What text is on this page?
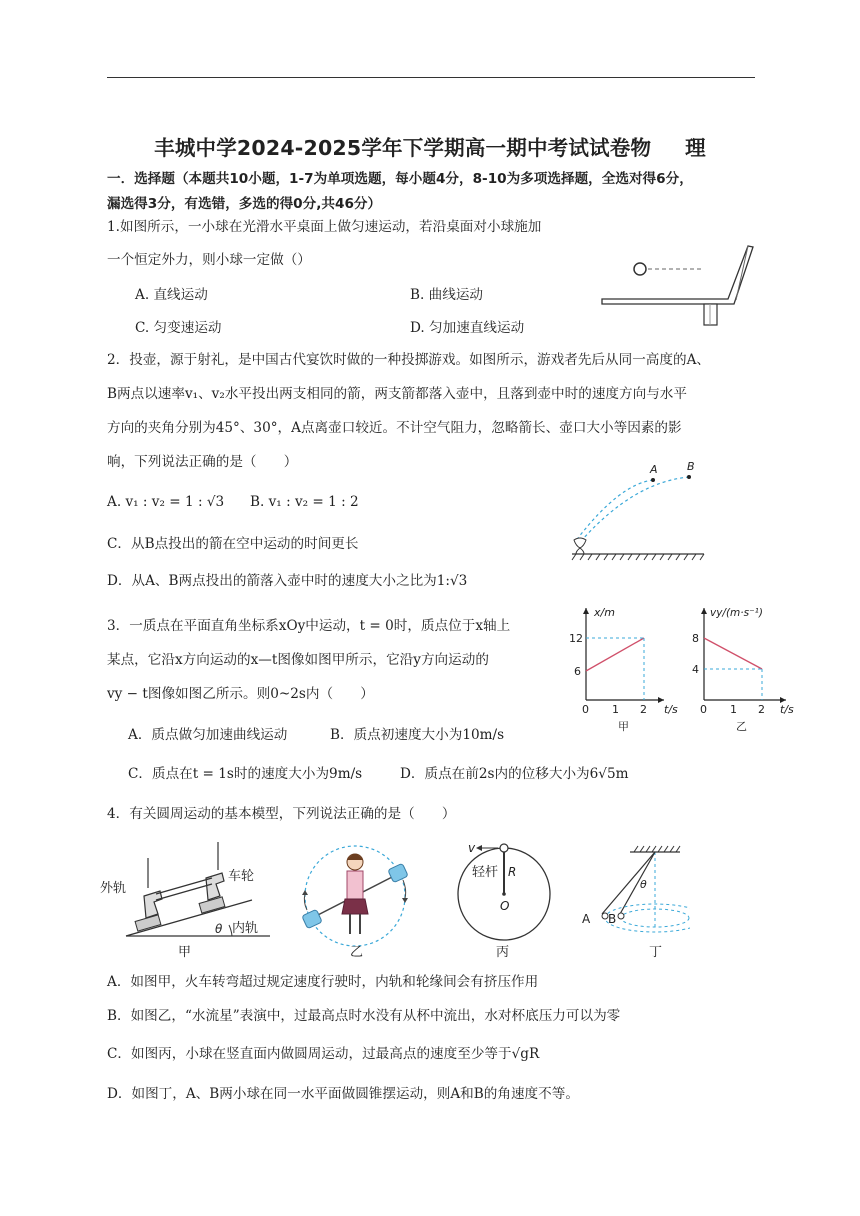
丰城中学2024-2025学年下学期高一期中考试试卷物 理
一．选择题（本题共10小题，1-7为单项选题，每小题4分，8-10为多项选择题，全选对得6分，
漏选得3分，有选错，多选的得0分,共46分）
1.如图所示，一小球在光滑水平桌面上做匀速运动，若沿桌面对小球施加
一个恒定外力，则小球一定做（）
A. 直线运动	B. 曲线运动
C. 匀变速运动	D. 匀加速直线运动
2．投壶，源于射礼，是中国古代宴饮时做的一种投掷游戏。如图所示，游戏者先后从同一高度的A、
B两点以速率v₁、v₂水平投出两支相同的箭，两支箭都落入壶中，且落到壶中时的速度方向与水平
方向的夹角分别为45°、30°，A点离壶口较近。不计空气阻力，忽略箭长、壶口大小等因素的影
响，下列说法正确的是（　　）
A. v₁ : v₂ = 1 : √3 B. v₁ : v₂ = 1 : 2
C．从B点投出的箭在空中运动的时间更长
D．从A、B两点投出的箭落入壶中时的速度大小之比为1:√3
A	B
3．一质点在平面直角坐标系xOy中运动，t = 0时，质点位于x轴上
某点，它沿x方向运动的x—t图像如图甲所示，它沿y方向运动的
vy − t图像如图乙所示。则0~2s内（　　）
A．质点做匀加速曲线运动	B．质点初速度大小为10m/s
C．质点在t = 1s时的速度大小为9m/s	D．质点在前2s内的位移大小为6√5m
x/m
t/s
12
6
0 1 2
甲
vy/(m·s⁻¹)
t/s
8
4
0 1 2
乙
4．有关圆周运动的基本模型，下列说法正确的是（　　）
θ
外轨
车轮
内轨
甲	乙
v
轻杆 R
O
丙
θ
A B
丁
A．如图甲，火车转弯超过规定速度行驶时，内轨和轮缘间会有挤压作用
B．如图乙，“水流星”表演中，过最高点时水没有从杯中流出，水对杯底压力可以为零
C．如图丙，小球在竖直面内做圆周运动，过最高点的速度至少等于√gR
D．如图丁，A、B两小球在同一水平面做圆锥摆运动，则A和B的角速度不等。
